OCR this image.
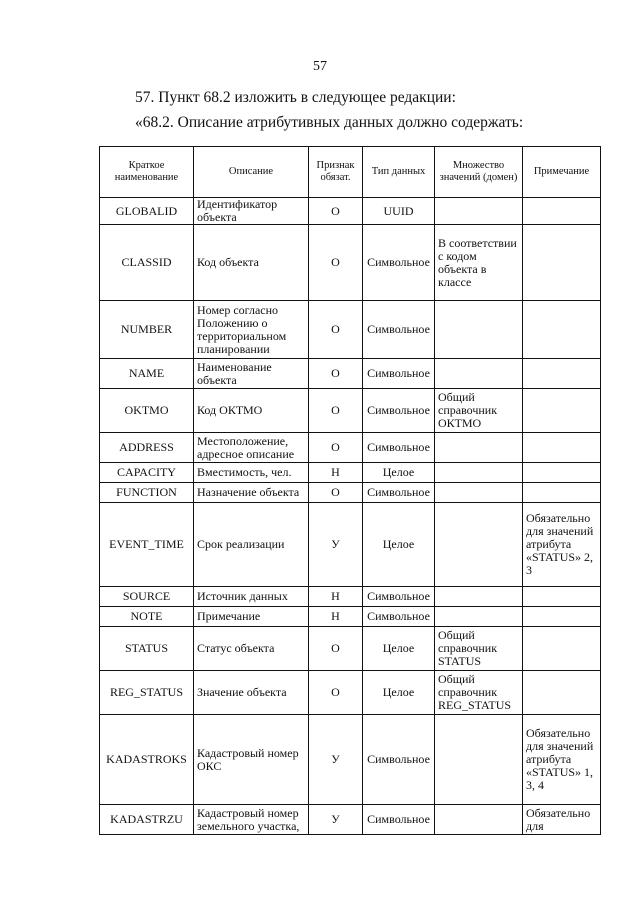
57
57. Пункт 68.2 изложить в следующее редакции:
«68.2. Описание атрибутивных данных должно содержать:
Краткое наименование	Описание	Признак обязат.	Тип данных	Множество значений (домен)	Примечание
GLOBALID	Идентификатор объекта	О	UUID		
CLASSID	Код объекта	О	Символьное	В соответствии с кодом объекта в классе	
NUMBER	Номер согласно Положению о территориальном планировании	О	Символьное		
NAME	Наименование объекта	О	Символьное		
OKTMO	Код ОКТМО	О	Символьное	Общий справочник ОКТМО	
ADDRESS	Местоположение, адресное описание	О	Символьное		
CAPACITY	Вместимость, чел.	Н	Целое		
FUNCTION	Назначение объекта	О	Символьное		
EVENT_TIME	Срок реализации	У	Целое		Обязательно для значений атрибута «STATUS» 2, 3
SOURCE	Источник данных	Н	Символьное		
NOTE	Примечание	Н	Символьное		
STATUS	Статус объекта	О	Целое	Общий справочник STATUS	
REG_STATUS	Значение объекта	О	Целое	Общий справочник REG_STATUS	
KADASTROKS	Кадастровый номер ОКС	У	Символьное		Обязательно для значений атрибута «STATUS» 1, 3, 4
KADASTRZU	Кадастровый номер земельного участка,	У	Символьное		Обязательно для
